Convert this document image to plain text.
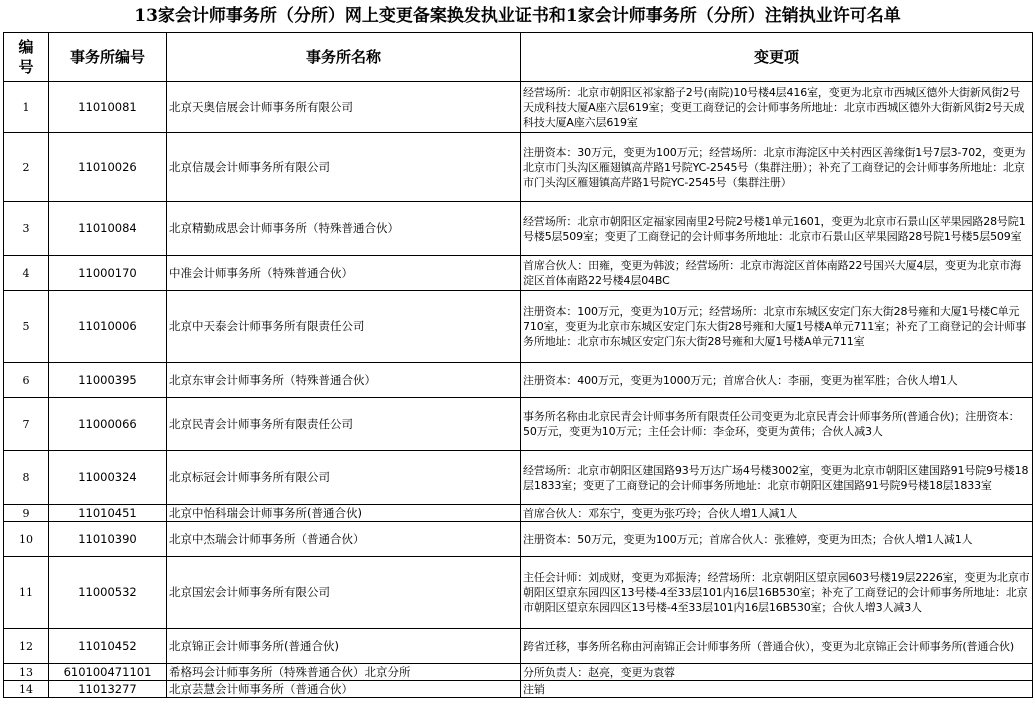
13家会计师事务所（分所）网上变更备案换发执业证书和1家会计师事务所（分所）注销执业许可名单
编号	事务所编号	事务所名称	变更项
1	11010081	北京天奥信展会计师事务所有限公司	经营场所：北京市朝阳区祁家豁子2号(南院)10号楼4层416室，变更为北京市西城区德外大街新风街2号天成科技大厦A座六层619室；变更工商登记的会计师事务所地址：北京市西城区德外大街新风街2号天成科技大厦A座六层619室
2	11010026	北京信晟会计师事务所有限公司	注册资本：30万元，变更为100万元；经营场所：北京市海淀区中关村西区善缘街1号7层3-702，变更为北京市门头沟区雁翅镇高芹路1号院YC-2545号（集群注册）；补充了工商登记的会计师事务所地址：北京市门头沟区雁翅镇高芹路1号院YC-2545号（集群注册）
3	11010084	北京精勤成思会计师事务所（特殊普通合伙）	经营场所：北京市朝阳区定福家园南里2号院2号楼1单元1601，变更为北京市石景山区苹果园路28号院1号楼5层509室；变更了工商登记的会计师事务所地址：北京市石景山区苹果园路28号院1号楼5层509室
4	11000170	中准会计师事务所（特殊普通合伙）	首席合伙人：田雍，变更为韩波；经营场所：北京市海淀区首体南路22号国兴大厦4层，变更为北京市海淀区首体南路22号楼4层04BC
5	11010006	北京中天泰会计师事务所有限责任公司	注册资本：100万元，变更为10万元；经营场所：北京市东城区安定门东大街28号雍和大厦1号楼C单元710室，变更为北京市东城区安定门东大街28号雍和大厦1号楼A单元711室；补充了工商登记的会计师事务所地址：北京市东城区安定门东大街28号雍和大厦1号楼A单元711室
6	11000395	北京东审会计师事务所（特殊普通合伙）	注册资本：400万元，变更为1000万元；首席合伙人：李丽，变更为崔军胜；合伙人增1人
7	11000066	北京民青会计师事务所有限责任公司	事务所名称由北京民青会计师事务所有限责任公司变更为北京民青会计师事务所(普通合伙)；注册资本：50万元，变更为10万元；主任会计师：李金环，变更为黄伟；合伙人减3人
8	11000324	北京标冠会计师事务所有限公司	经营场所：北京市朝阳区建国路93号万达广场4号楼3002室，变更为北京市朝阳区建国路91号院9号楼18层1833室；变更了工商登记的会计师事务所地址：北京市朝阳区建国路91号院9号楼18层1833室
9	11010451	北京中怡科瑞会计师事务所(普通合伙)	首席合伙人：邓东宁，变更为张巧玲；合伙人增1人减1人
10	11010390	北京中杰瑞会计师事务所（普通合伙）	注册资本：50万元，变更为100万元；首席合伙人：张雅婷，变更为田杰；合伙人增1人减1人
11	11000532	北京国宏会计师事务所有限公司	主任会计师：刘成财，变更为邓振涛；经营场所：北京朝阳区望京园603号楼19层2226室，变更为北京市朝阳区望京东园四区13号楼-4至33层101内16层16B530室；补充了工商登记的会计师事务所地址：北京市朝阳区望京东园四区13号楼-4至33层101内16层16B530室；合伙人增3人减3人
12	11010452	北京锦正会计师事务所(普通合伙)	跨省迁移，事务所名称由河南锦正会计师事务所（普通合伙），变更为北京锦正会计师事务所(普通合伙)
13	610100471101	希格玛会计师事务所（特殊普通合伙）北京分所	分所负责人：赵亮，变更为袁蓉
14	11013277	北京芸慧会计师事务所（普通合伙）	注销
